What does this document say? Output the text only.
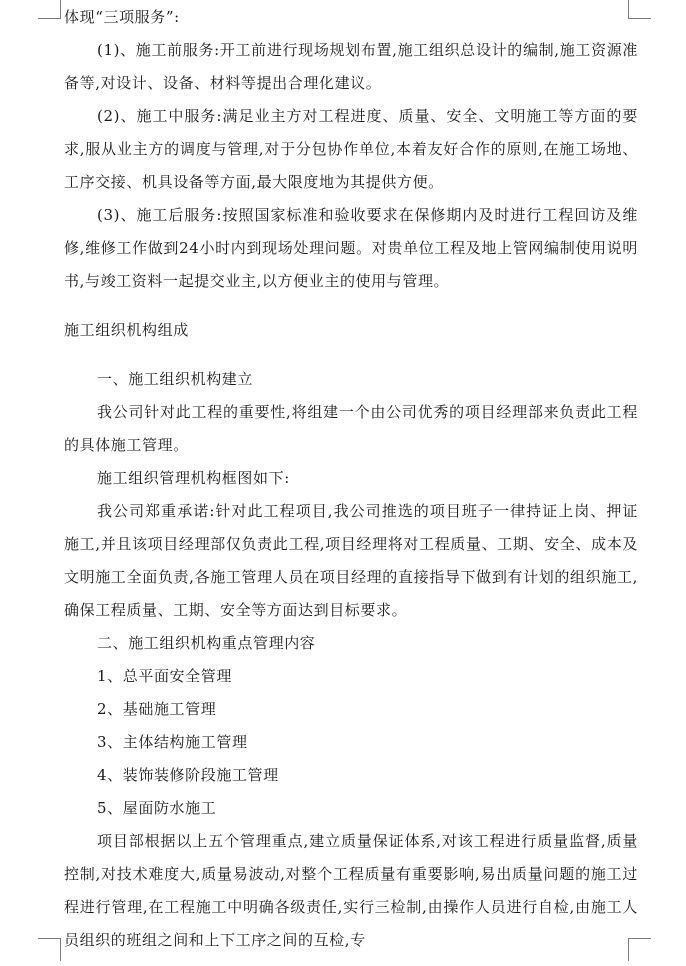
体现“三项服务”:

(1)、施工前服务:开工前进行现场规划布置,施工组织总设计的编制,施工资源准备等,对设计、设备、材料等提出合理化建议。

(2)、施工中服务:满足业主方对工程进度、质量、安全、文明施工等方面的要求,服从业主方的调度与管理,对于分包协作单位,本着友好合作的原则,在施工场地、工序交接、机具设备等方面,最大限度地为其提供方便。

(3)、施工后服务:按照国家标准和验收要求在保修期内及时进行工程回访及维修,维修工作做到24小时内到现场处理问题。对贵单位工程及地上管网编制使用说明书,与竣工资料一起提交业主,以方便业主的使用与管理。

施工组织机构组成

一、施工组织机构建立

我公司针对此工程的重要性,将组建一个由公司优秀的项目经理部来负责此工程的具体施工管理。

施工组织管理机构框图如下:

我公司郑重承诺:针对此工程项目,我公司推选的项目班子一律持证上岗、押证施工,并且该项目经理部仅负责此工程,项目经理将对工程质量、工期、安全、成本及文明施工全面负责,各施工管理人员在项目经理的直接指导下做到有计划的组织施工,确保工程质量、工期、安全等方面达到目标要求。

二、施工组织机构重点管理内容

1、总平面安全管理

2、基础施工管理

3、主体结构施工管理

4、装饰装修阶段施工管理

5、屋面防水施工

项目部根据以上五个管理重点,建立质量保证体系,对该工程进行质量监督,质量控制,对技术难度大,质量易波动,对整个工程质量有重要影响,易出质量问题的施工过程进行管理,在工程施工中明确各级责任,实行三检制,由操作人员进行自检,由施工人员组织的班组之间和上下工序之间的互检,专
